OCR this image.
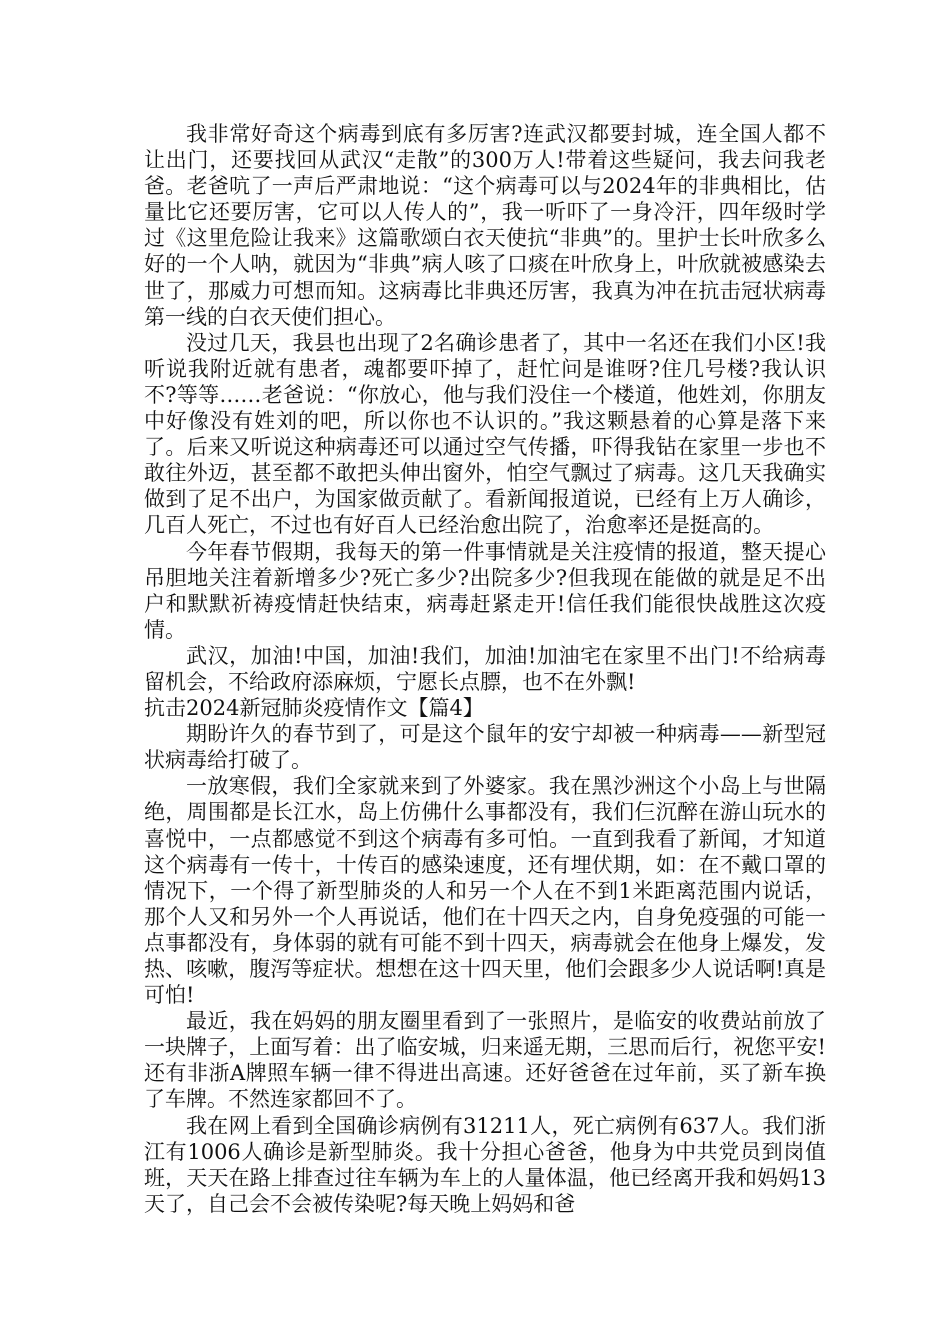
我非常好奇这个病毒到底有多厉害?连武汉都要封城，连全国人都不让出门，还要找回从武汉“走散”的300万人!带着这些疑问，我去问我老爸。老爸吭了一声后严肃地说：“这个病毒可以与2024年的非典相比，估量比它还要厉害，它可以人传人的”，我一听吓了一身冷汗，四年级时学过《这里危险让我来》这篇歌颂白衣天使抗“非典”的。里护士长叶欣多么好的一个人呐，就因为“非典”病人咳了口痰在叶欣身上，叶欣就被感染去世了，那威力可想而知。这病毒比非典还厉害，我真为冲在抗击冠状病毒第一线的白衣天使们担心。

没过几天，我县也出现了2名确诊患者了，其中一名还在我们小区!我听说我附近就有患者，魂都要吓掉了，赶忙问是谁呀?住几号楼?我认识不?等等……老爸说：“你放心，他与我们没住一个楼道，他姓刘，你朋友中好像没有姓刘的吧，所以你也不认识的。”我这颗悬着的心算是落下来了。后来又听说这种病毒还可以通过空气传播，吓得我钻在家里一步也不敢往外迈，甚至都不敢把头伸出窗外，怕空气飘过了病毒。这几天我确实做到了足不出户，为国家做贡献了。看新闻报道说，已经有上万人确诊，几百人死亡，不过也有好百人已经治愈出院了，治愈率还是挺高的。

今年春节假期，我每天的第一件事情就是关注疫情的报道，整天提心吊胆地关注着新增多少?死亡多少?出院多少?但我现在能做的就是足不出户和默默祈祷疫情赶快结束，病毒赶紧走开!信任我们能很快战胜这次疫情。

武汉，加油!中国，加油!我们，加油!加油宅在家里不出门!不给病毒留机会，不给政府添麻烦，宁愿长点膘，也不在外飘!

抗击2024新冠肺炎疫情作文【篇4】

期盼许久的春节到了，可是这个鼠年的安宁却被一种病毒——新型冠状病毒给打破了。

一放寒假，我们全家就来到了外婆家。我在黑沙洲这个小岛上与世隔绝，周围都是长江水，岛上仿佛什么事都没有，我们仨沉醉在游山玩水的喜悦中，一点都感觉不到这个病毒有多可怕。一直到我看了新闻，才知道这个病毒有一传十，十传百的感染速度，还有埋伏期，如：在不戴口罩的情况下，一个得了新型肺炎的人和另一个人在不到1米距离范围内说话，那个人又和另外一个人再说话，他们在十四天之内，自身免疫强的可能一点事都没有，身体弱的就有可能不到十四天，病毒就会在他身上爆发，发热、咳嗽，腹泻等症状。想想在这十四天里，他们会跟多少人说话啊!真是可怕!

最近，我在妈妈的朋友圈里看到了一张照片，是临安的收费站前放了一块牌子，上面写着：出了临安城，归来遥无期，三思而后行，祝您平安!还有非浙A牌照车辆一律不得进出高速。还好爸爸在过年前，买了新车换了车牌。不然连家都回不了。

我在网上看到全国确诊病例有31211人，死亡病例有637人。我们浙江有1006人确诊是新型肺炎。我十分担心爸爸，他身为中共党员到岗值班，天天在路上排查过往车辆为车上的人量体温，他已经离开我和妈妈13天了，自己会不会被传染呢?每天晚上妈妈和爸
